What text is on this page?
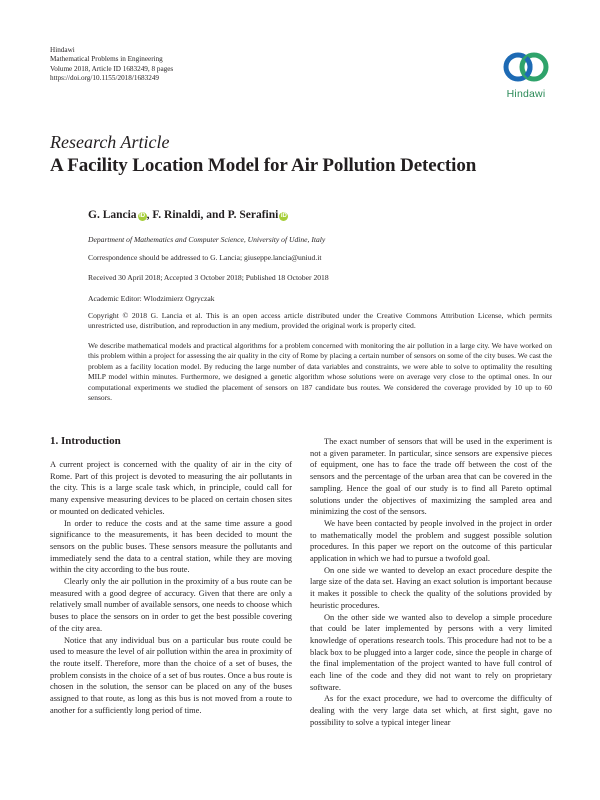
Hindawi
Mathematical Problems in Engineering
Volume 2018, Article ID 1683249, 8 pages
https://doi.org/10.1155/2018/1683249
Hindawi
Research Article
A Facility Location Model for Air Pollution Detection
G. Lancia iD , F. Rinaldi, and P. Serafini iD
Department of Mathematics and Computer Science, University of Udine, Italy
Correspondence should be addressed to G. Lancia; giuseppe.lancia@uniud.it
Received 30 April 2018; Accepted 3 October 2018; Published 18 October 2018
Academic Editor: Wlodzimierz Ogryczak
Copyright © 2018 G. Lancia et al. This is an open access article distributed under the Creative Commons Attribution License, which permits unrestricted use, distribution, and reproduction in any medium, provided the original work is properly cited.
We describe mathematical models and practical algorithms for a problem concerned with monitoring the air pollution in a large city. We have worked on this problem within a project for assessing the air quality in the city of Rome by placing a certain number of sensors on some of the city buses. We cast the problem as a facility location model. By reducing the large number of data variables and constraints, we were able to solve to optimality the resulting MILP model within minutes. Furthermore, we designed a genetic algorithm whose solutions were on average very close to the optimal ones. In our computational experiments we studied the placement of sensors on 187 candidate bus routes. We considered the coverage provided by 10 up to 60 sensors.
1. Introduction

A current project is concerned with the quality of air in the city of Rome. Part of this project is devoted to measuring the air pollutants in the city. This is a large scale task which, in principle, could call for many expensive measuring devices to be placed on certain chosen sites or mounted on dedicated vehicles.

In order to reduce the costs and at the same time assure a good significance to the measurements, it has been decided to mount the sensors on the public buses. These sensors measure the pollutants and immediately send the data to a central station, while they are moving within the city according to the bus route.

Clearly only the air pollution in the proximity of a bus route can be measured with a good degree of accuracy. Given that there are only a relatively small number of available sensors, one needs to choose which buses to place the sensors on in order to get the best possible covering of the city area.

Notice that any individual bus on a particular bus route could be used to measure the level of air pollution within the area in proximity of the route itself. Therefore, more than the choice of a set of buses, the problem consists in the choice of a set of bus routes. Once a bus route is chosen in the solution, the sensor can be placed on any of the buses assigned to that route, as long as this bus is not moved from a route to another for a sufficiently long period of time.

The exact number of sensors that will be used in the experiment is not a given parameter. In particular, since sensors are expensive pieces of equipment, one has to face the trade off between the cost of the sensors and the percentage of the urban area that can be covered in the sampling. Hence the goal of our study is to find all Pareto optimal solutions under the objectives of maximizing the sampled area and minimizing the cost of the sensors.

We have been contacted by people involved in the project in order to mathematically model the problem and suggest possible solution procedures. In this paper we report on the outcome of this particular application in which we had to pursue a twofold goal.

On one side we wanted to develop an exact procedure despite the large size of the data set. Having an exact solution is important because it makes it possible to check the quality of the solutions provided by heuristic procedures.

On the other side we wanted also to develop a simple procedure that could be later implemented by persons with a very limited knowledge of operations research tools. This procedure had not to be a black box to be plugged into a larger code, since the people in charge of the final implementation of the project wanted to have full control of each line of the code and they did not want to rely on proprietary software.

As for the exact procedure, we had to overcome the difficulty of dealing with the very large data set which, at first sight, gave no possibility to solve a typical integer linear
